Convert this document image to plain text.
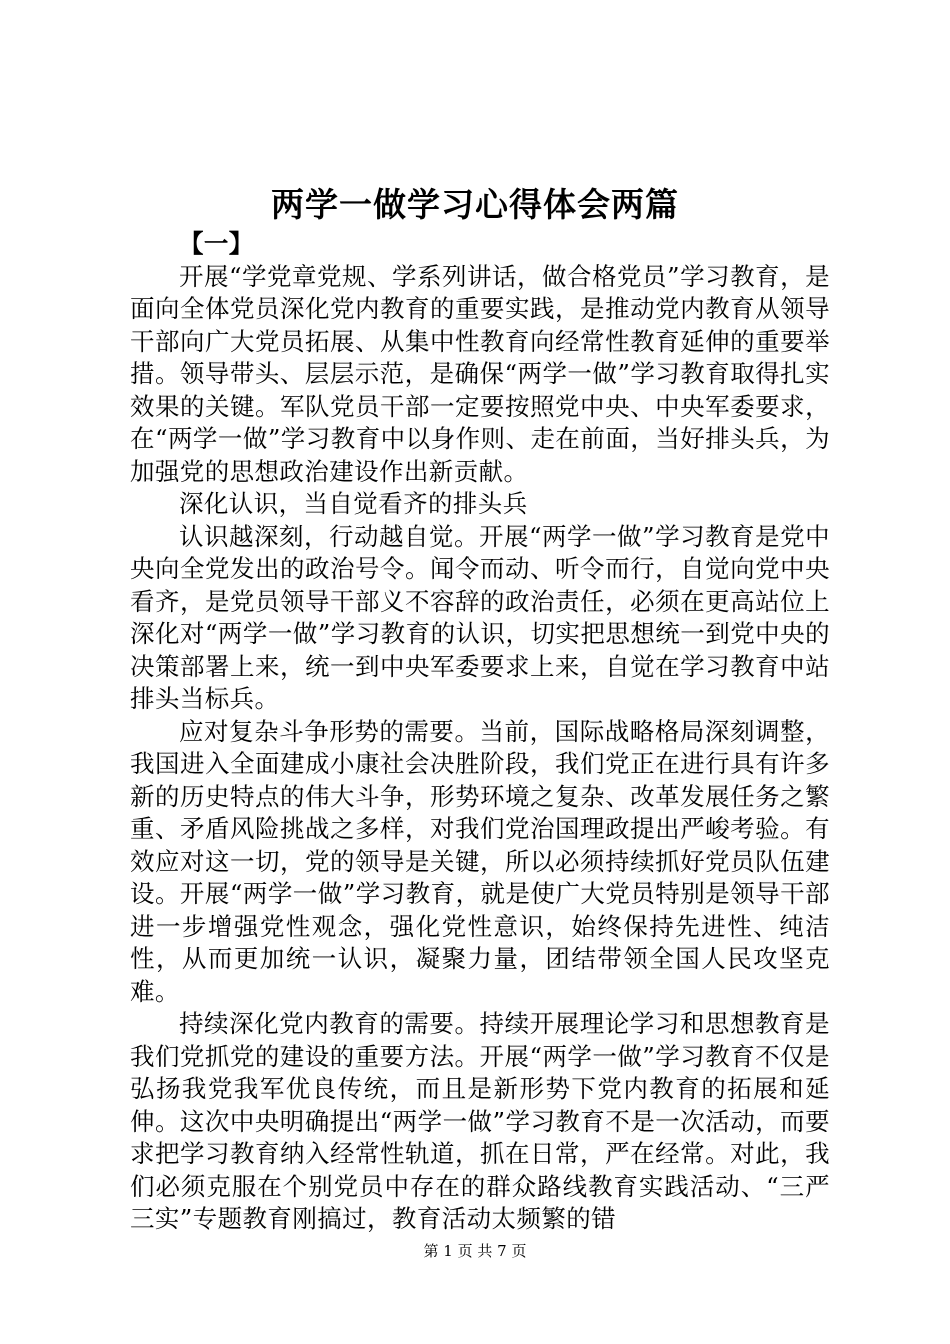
两学一做学习心得体会两篇

【一】

开展“学党章党规、学系列讲话，做合格党员”学习教育，是面向全体党员深化党内教育的重要实践，是推动党内教育从领导干部向广大党员拓展、从集中性教育向经常性教育延伸的重要举措。领导带头、层层示范，是确保“两学一做”学习教育取得扎实效果的关键。军队党员干部一定要按照党中央、中央军委要求，在“两学一做”学习教育中以身作则、走在前面，当好排头兵，为加强党的思想政治建设作出新贡献。

深化认识，当自觉看齐的排头兵

认识越深刻，行动越自觉。开展“两学一做”学习教育是党中央向全党发出的政治号令。闻令而动、听令而行，自觉向党中央看齐，是党员领导干部义不容辞的政治责任，必须在更高站位上深化对“两学一做”学习教育的认识，切实把思想统一到党中央的决策部署上来，统一到中央军委要求上来，自觉在学习教育中站排头当标兵。

应对复杂斗争形势的需要。当前，国际战略格局深刻调整，我国进入全面建成小康社会决胜阶段，我们党正在进行具有许多新的历史特点的伟大斗争，形势环境之复杂、改革发展任务之繁重、矛盾风险挑战之多样，对我们党治国理政提出严峻考验。有效应对这一切，党的领导是关键，所以必须持续抓好党员队伍建设。开展“两学一做”学习教育，就是使广大党员特别是领导干部进一步增强党性观念，强化党性意识，始终保持先进性、纯洁性，从而更加统一认识，凝聚力量，团结带领全国人民攻坚克难。

持续深化党内教育的需要。持续开展理论学习和思想教育是我们党抓党的建设的重要方法。开展“两学一做”学习教育不仅是弘扬我党我军优良传统，而且是新形势下党内教育的拓展和延伸。这次中央明确提出“两学一做”学习教育不是一次活动，而要求把学习教育纳入经常性轨道，抓在日常，严在经常。对此，我们必须克服在个别党员中存在的群众路线教育实践活动、“三严三实”专题教育刚搞过，教育活动太频繁的错

第 1 页 共 7 页
